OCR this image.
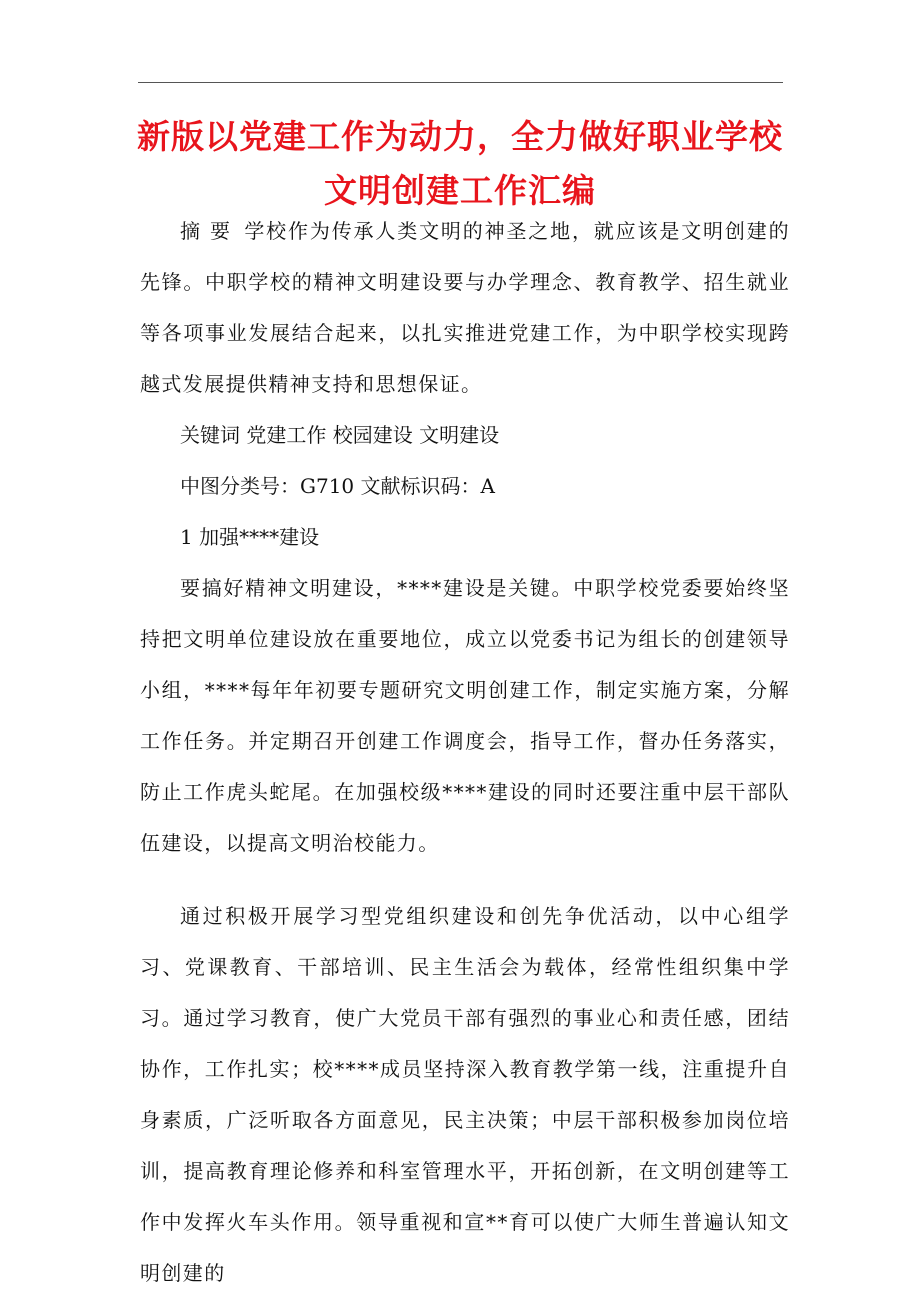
新版以党建工作为动力，全力做好职业学校
文明创建工作汇编

摘 要 学校作为传承人类文明的神圣之地，就应该是文明创建的先锋。中职学校的精神文明建设要与办学理念、教育教学、招生就业等各项事业发展结合起来，以扎实推进党建工作，为中职学校实现跨越式发展提供精神支持和思想保证。

关键词 党建工作 校园建设 文明建设

中图分类号：G710 文献标识码：A

1 加强****建设

要搞好精神文明建设，****建设是关键。中职学校党委要始终坚持把文明单位建设放在重要地位，成立以党委书记为组长的创建领导小组，****每年年初要专题研究文明创建工作，制定实施方案，分解工作任务。并定期召开创建工作调度会，指导工作，督办任务落实，防止工作虎头蛇尾。在加强校级****建设的同时还要注重中层干部队伍建设，以提高文明治校能力。

通过积极开展学习型党组织建设和创先争优活动，以中心组学习、党课教育、干部培训、民主生活会为载体，经常性组织集中学习。通过学习教育，使广大党员干部有强烈的事业心和责任感，团结协作，工作扎实；校****成员坚持深入教育教学第一线，注重提升自身素质，广泛听取各方面意见，民主决策；中层干部积极参加岗位培训，提高教育理论修养和科室管理水平，开拓创新，在文明创建等工作中发挥火车头作用。领导重视和宣**育可以使广大师生普遍认知文明创建的
